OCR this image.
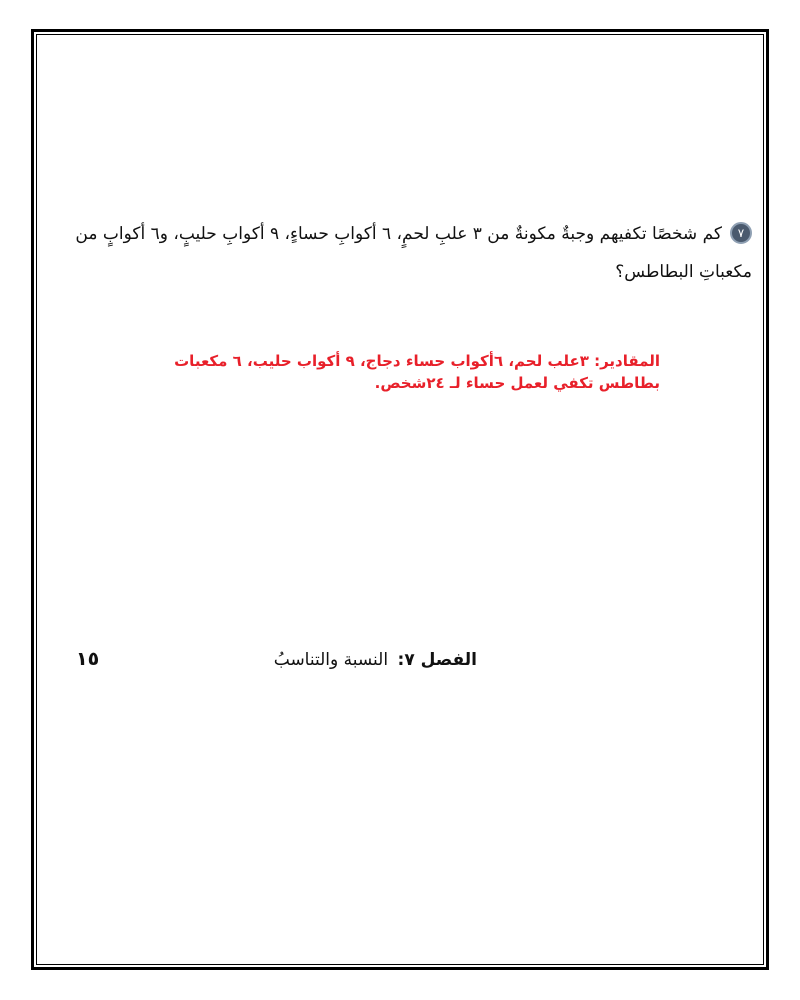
٧كم شخصًا تكفيهم وجبةٌ مكونةٌ من ٣ علبِ لحمٍ، ٦ أكوابِ حساءٍ، ٩ أكوابِ حليبٍ، و٦ أكوابٍ من مكعباتِ البطاطس؟
المقادير: ٣علب لحم، ٦أكواب حساء دجاج، ٩ أكواب حليب، ٦ مكعبات بطاطس تكفي لعمل حساء لـ ٢٤شخص.
الفصل ٧: النسبة والتناسبُ
١٥
